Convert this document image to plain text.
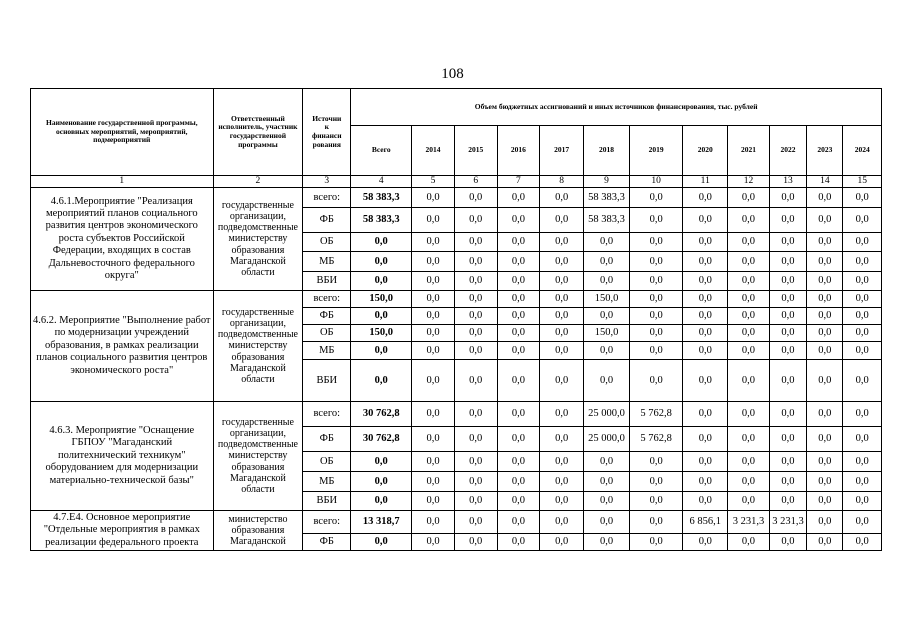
108
Наименование государственной программы, основных мероприятий, мероприятий, подмероприятий	Ответственный исполнитель, участник государственной программы	Источни
к
финанси
рования	Объем бюджетных ассигнований и иных источников финансирования, тыс. рублей											
			Всего	2014	2015	2016	2017	2018	2019	2020	2021	2022	2023	2024
1	2	3	4	5	6	7	8	9	10	11	12	13	14	15
4.6.1.Мероприятие "Реализация мероприятий планов социального развития центров экономического роста субъектов Российской Федерации, входящих в состав Дальневосточного федерального округа"	государственные организации, подведомственные министерству образования Магаданской области	всего:	58 383,3	0,0	0,0	0,0	0,0	58 383,3	0,0	0,0	0,0	0,0	0,0	0,0
		ФБ	58 383,3	0,0	0,0	0,0	0,0	58 383,3	0,0	0,0	0,0	0,0	0,0	0,0
		ОБ	0,0	0,0	0,0	0,0	0,0	0,0	0,0	0,0	0,0	0,0	0,0	0,0
		МБ	0,0	0,0	0,0	0,0	0,0	0,0	0,0	0,0	0,0	0,0	0,0	0,0
		ВБИ	0,0	0,0	0,0	0,0	0,0	0,0	0,0	0,0	0,0	0,0	0,0	0,0
4.6.2. Мероприятие "Выполнение работ по модернизации учреждений образования, в рамках реализации планов социального развития центров экономического роста"	государственные организации, подведомственные министерству образования Магаданской области	всего:	150,0	0,0	0,0	0,0	0,0	150,0	0,0	0,0	0,0	0,0	0,0	0,0
		ФБ	0,0	0,0	0,0	0,0	0,0	0,0	0,0	0,0	0,0	0,0	0,0	0,0
		ОБ	150,0	0,0	0,0	0,0	0,0	150,0	0,0	0,0	0,0	0,0	0,0	0,0
		МБ	0,0	0,0	0,0	0,0	0,0	0,0	0,0	0,0	0,0	0,0	0,0	0,0
		ВБИ	0,0	0,0	0,0	0,0	0,0	0,0	0,0	0,0	0,0	0,0	0,0	0,0
4.6.3. Мероприятие "Оснащение ГБПОУ "Магаданский политехнический техникум" оборудованием для модернизации материально-технической базы"	государственные организации, подведомственные министерству образования Магаданской области	всего:	30 762,8	0,0	0,0	0,0	0,0	25 000,0	5 762,8	0,0	0,0	0,0	0,0	0,0
		ФБ	30 762,8	0,0	0,0	0,0	0,0	25 000,0	5 762,8	0,0	0,0	0,0	0,0	0,0
		ОБ	0,0	0,0	0,0	0,0	0,0	0,0	0,0	0,0	0,0	0,0	0,0	0,0
		МБ	0,0	0,0	0,0	0,0	0,0	0,0	0,0	0,0	0,0	0,0	0,0	0,0
		ВБИ	0,0	0,0	0,0	0,0	0,0	0,0	0,0	0,0	0,0	0,0	0,0	0,0
4.7.E4. Основное мероприятие "Отдельные мероприятия в рамках реализации федерального проекта	министерство образования Магаданской	всего:	13 318,7	0,0	0,0	0,0	0,0	0,0	0,0	6 856,1	3 231,3	3 231,3	0,0	0,0
		ФБ	0,0	0,0	0,0	0,0	0,0	0,0	0,0	0,0	0,0	0,0	0,0	0,0
